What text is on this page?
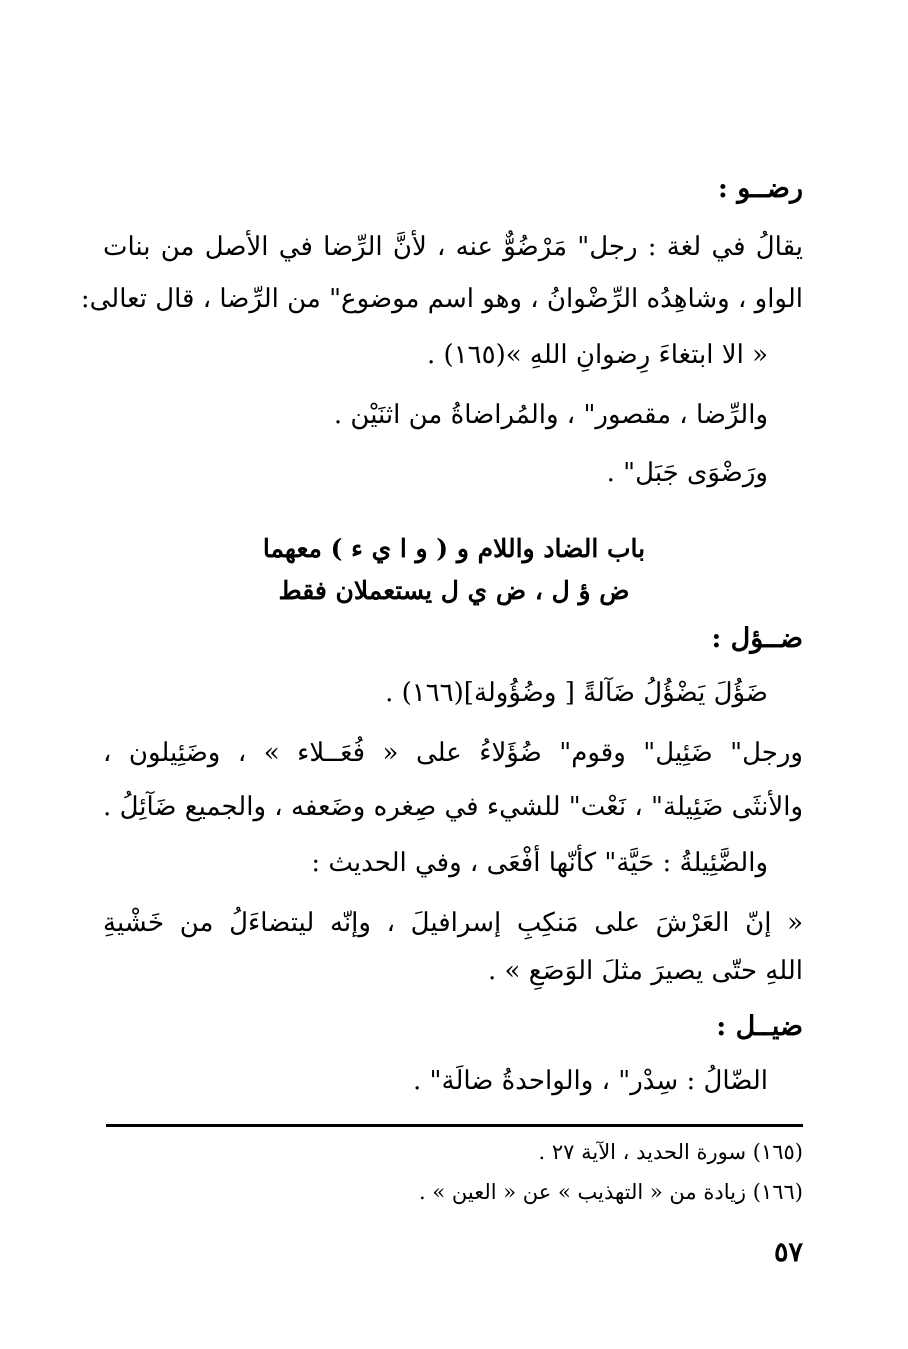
رضــو :
يقالُ في لغة : رجل" مَرْضُوٌّ عنه ، لأنَّ الرِّضا في الأصل من بنات
الواو ، وشاهِدُه الرِّضْوانُ ، وهو اسم موضوع" من الرِّضا ، قال تعالى:
« الا ابتغاءَ رِضوانِ اللهِ »(١٦٥) .
والرِّضا ، مقصور" ، والمُراضاةُ من اثنَيْن .
ورَضْوَى جَبَل" .
باب الضاد واللام و ( و ا ي ء ) معهما
ض ؤ ل ، ض ي ل يستعملان فقط
ضــؤل :
ضَؤُلَ يَضْؤُلُ ضَآلةً [ وضُؤُولة](١٦٦) .
ورجل" ضَئِيل" وقوم" ضُؤَلاءُ على « فُعَــلاء » ، وضَئِيلون ،
والأنثَى ضَئِيلة" ، نَعْت" للشيء في صِغره وضَعفه ، والجميع ضَآئِلُ .
والضَّئِيلةُ : حَيَّة" كأنّها أفْعَى ، وفي الحديث :
« إنّ العَرْشَ على مَنكِبِ إسرافيلَ ، وإنّه ليتضاءَلُ من خَشْيةِ
اللهِ حتّى يصيرَ مثلَ الوَصَعِ » .
ضيــل :
الضّالُ : سِدْر" ، والواحدةُ ضالَة" .
(١٦٥) سورة الحديد ، الآية ٢٧ .
(١٦٦) زيادة من « التهذيب » عن « العين » .
٥٧
